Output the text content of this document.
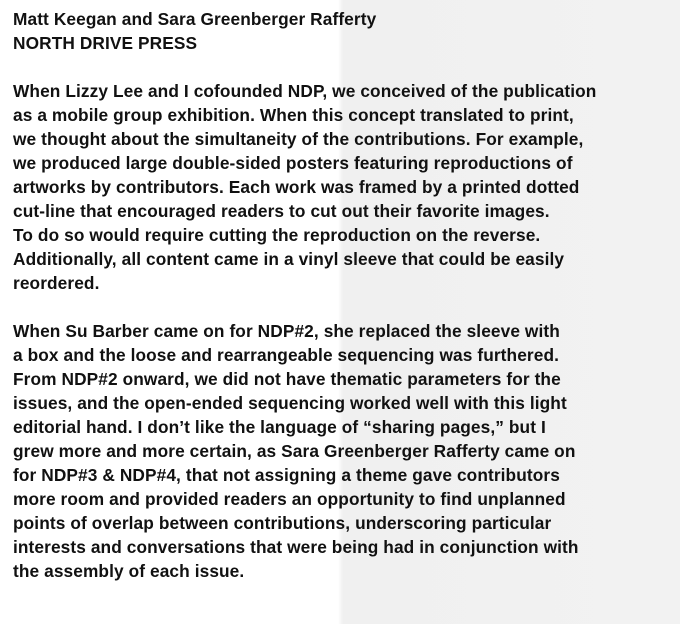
Matt Keegan and Sara Greenberger Rafferty
NORTH DRIVE PRESS
When Lizzy Lee and I cofounded NDP, we conceived of the publication
as a mobile group exhibition. When this concept translated to print,
we thought about the simultaneity of the contributions. For example,
we produced large double-sided posters featuring reproductions of
artworks by contributors. Each work was framed by a printed dotted
cut-line that encouraged readers to cut out their favorite images.
To do so would require cutting the reproduction on the reverse.
Additionally, all content came in a vinyl sleeve that could be easily
reordered.
When Su Barber came on for NDP#2, she replaced the sleeve with
a box and the loose and rearrangeable sequencing was furthered.
From NDP#2 onward, we did not have thematic parameters for the
issues, and the open-ended sequencing worked well with this light
editorial hand. I don’t like the language of “sharing pages,” but I
grew more and more certain, as Sara Greenberger Rafferty came on
for NDP#3 & NDP#4, that not assigning a theme gave contributors
more room and provided readers an opportunity to find unplanned
points of overlap between contributions, underscoring particular
interests and conversations that were being had in conjunction with
the assembly of each issue.
